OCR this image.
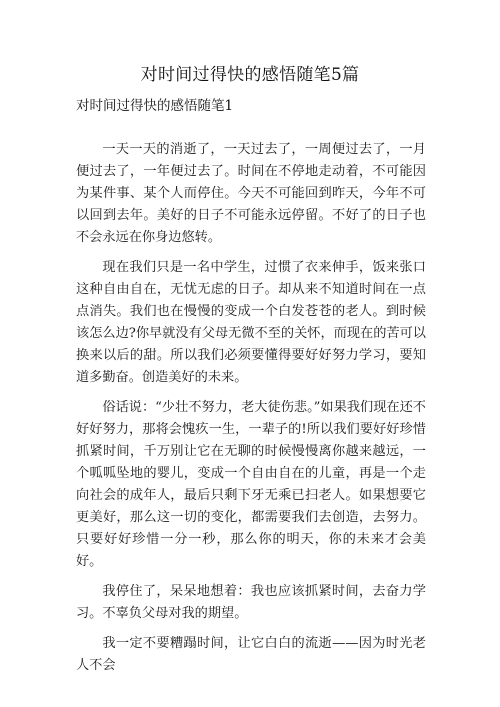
对时间过得快的感悟随笔5篇
对时间过得快的感悟随笔1

一天一天的消逝了，一天过去了，一周便过去了，一月便过去了，一年便过去了。时间在不停地走动着，不可能因为某件事、某个人而停住。今天不可能回到昨天，今年不可以回到去年。美好的日子不可能永远停留。不好了的日子也不会永远在你身边悠转。

现在我们只是一名中学生，过惯了衣来伸手，饭来张口这种自由自在，无忧无虑的日子。却从来不知道时间在一点点消失。我们也在慢慢的变成一个白发苍苍的老人。到时候该怎么边?你早就没有父母无微不至的关怀，而现在的苦可以换来以后的甜。所以我们必须要懂得要好好努力学习，要知道多勤奋。创造美好的未来。

俗话说：“少壮不努力，老大徒伤悲。”如果我们现在还不好好努力，那将会愧疚一生，一辈子的!所以我们要好好珍惜抓紧时间，千万别让它在无聊的时候慢慢离你越来越远，一个呱呱坠地的婴儿，变成一个自由自在的儿童，再是一个走向社会的成年人，最后只剩下牙无乘已扫老人。如果想要它更美好，那么这一切的变化，都需要我们去创造，去努力。只要好好珍惜一分一秒，那么你的明天，你的未来才会美好。

我停住了，呆呆地想着：我也应该抓紧时间，去奋力学习。不辜负父母对我的期望。

我一定不要糟蹋时间，让它白白的流逝——因为时光老人不会
